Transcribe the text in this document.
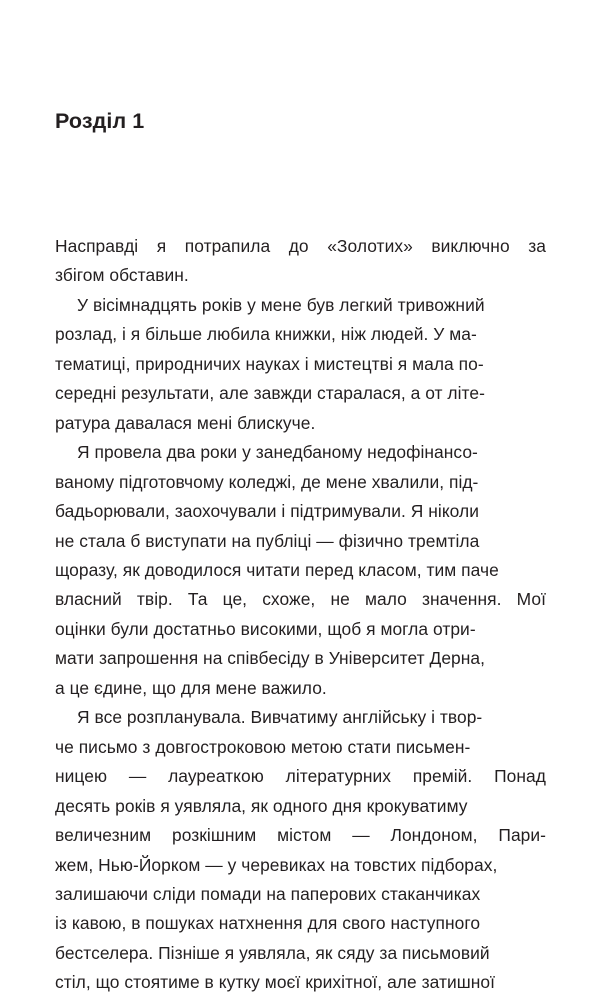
Розділ 1

Насправді я потрапила до «Золотих» виключно за
збігом обставин.

У вісімнадцять років у мене був легкий тривожний
розлад, і я більше любила книжки, ніж людей. У ма-
тематиці, природничих науках і мистецтві я мала по-
середні результати, але завжди старалася, а от літе-
ратура давалася мені блискуче.

Я провела два роки у занедбаному недофінансо-
ваному підготовчому коледжі, де мене хвалили, під-
бадьорювали, заохочували і підтримували. Я ніколи
не стала б виступати на публіці — фізично тремтіла
щоразу, як доводилося читати перед класом, тим паче
власний твір. Та це, схоже, не мало значення. Мої
оцінки були достатньо високими, щоб я могла отри-
мати запрошення на співбесіду в Університет Дерна,
а це єдине, що для мене важило.

Я все розпланувала. Вивчатиму англійську і твор-
че письмо з довгостроковою метою стати письмен-
ницею — лауреаткою літературних премій. Понад
десять років я уявляла, як одного дня крокуватиму
величезним розкішним містом — Лондоном, Пари-
жем, Нью-Йорком — у черевиках на товстих підборах,
залишаючи сліди помади на паперових стаканчиках
із кавою, в пошуках натхнення для свого наступного
бестселера. Пізніше я уявляла, як сяду за письмовий
стіл, що стоятиме в кутку моєї крихітної, але затишної
